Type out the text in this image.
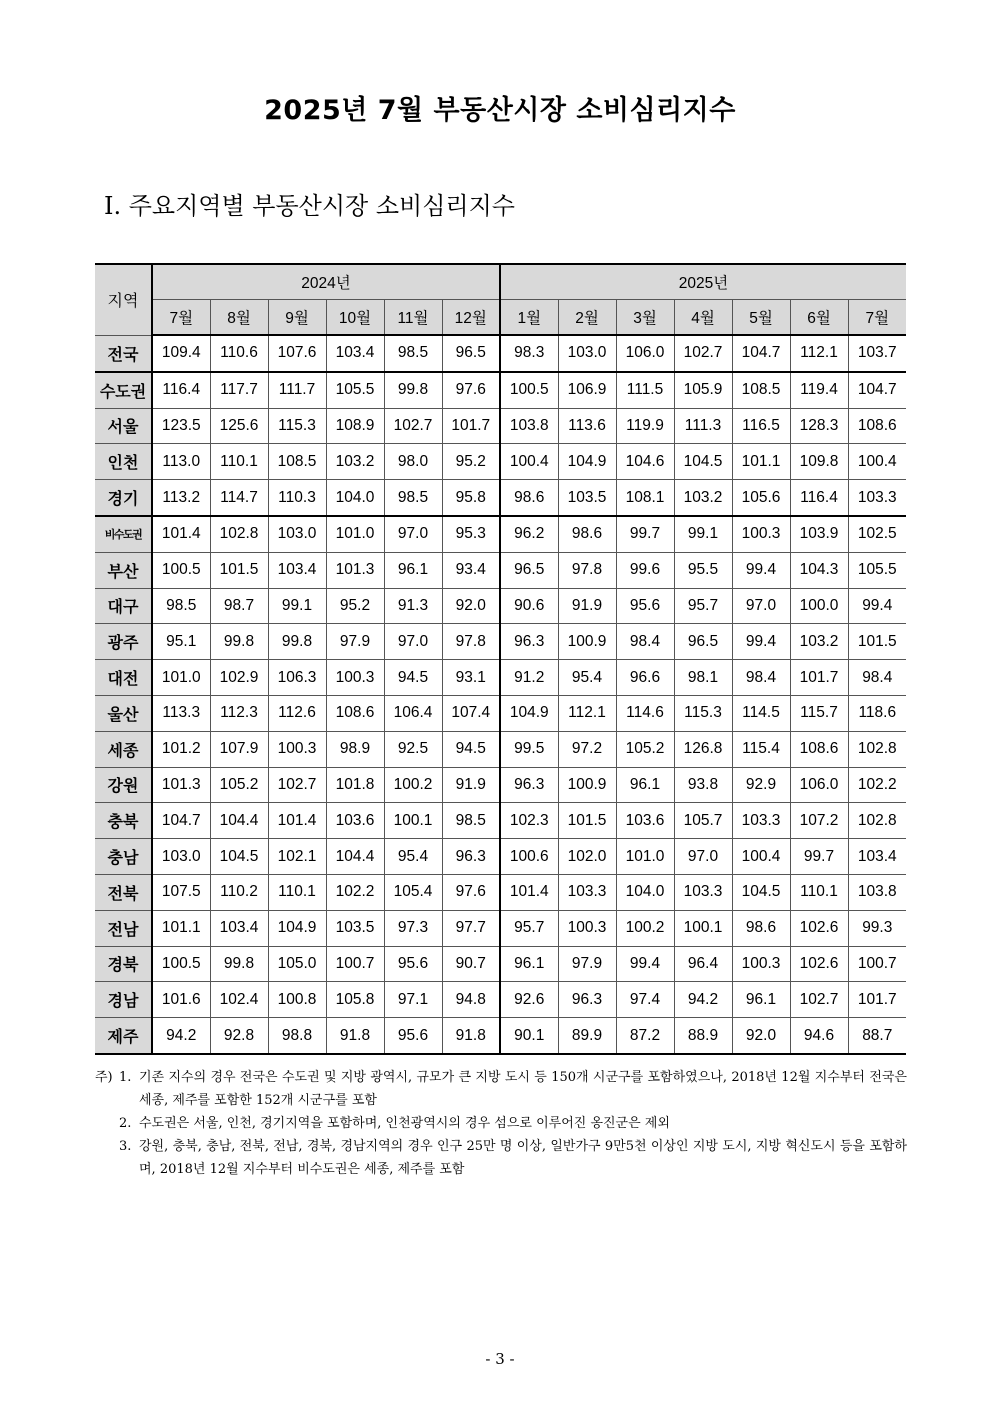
2025년 7월 부동산시장 소비심리지수
Ⅰ. 주요지역별 부동산시장 소비심리지수
지역	2024년						2025년						
	7월	8월	9월	10월	11월	12월	1월	2월	3월	4월	5월	6월	7월
전국	109.4	110.6	107.6	103.4	98.5	96.5	98.3	103.0	106.0	102.7	104.7	112.1	103.7
수도권	116.4	117.7	111.7	105.5	99.8	97.6	100.5	106.9	111.5	105.9	108.5	119.4	104.7
서울	123.5	125.6	115.3	108.9	102.7	101.7	103.8	113.6	119.9	111.3	116.5	128.3	108.6
인천	113.0	110.1	108.5	103.2	98.0	95.2	100.4	104.9	104.6	104.5	101.1	109.8	100.4
경기	113.2	114.7	110.3	104.0	98.5	95.8	98.6	103.5	108.1	103.2	105.6	116.4	103.3
비수도권	101.4	102.8	103.0	101.0	97.0	95.3	96.2	98.6	99.7	99.1	100.3	103.9	102.5
부산	100.5	101.5	103.4	101.3	96.1	93.4	96.5	97.8	99.6	95.5	99.4	104.3	105.5
대구	98.5	98.7	99.1	95.2	91.3	92.0	90.6	91.9	95.6	95.7	97.0	100.0	99.4
광주	95.1	99.8	99.8	97.9	97.0	97.8	96.3	100.9	98.4	96.5	99.4	103.2	101.5
대전	101.0	102.9	106.3	100.3	94.5	93.1	91.2	95.4	96.6	98.1	98.4	101.7	98.4
울산	113.3	112.3	112.6	108.6	106.4	107.4	104.9	112.1	114.6	115.3	114.5	115.7	118.6
세종	101.2	107.9	100.3	98.9	92.5	94.5	99.5	97.2	105.2	126.8	115.4	108.6	102.8
강원	101.3	105.2	102.7	101.8	100.2	91.9	96.3	100.9	96.1	93.8	92.9	106.0	102.2
충북	104.7	104.4	101.4	103.6	100.1	98.5	102.3	101.5	103.6	105.7	103.3	107.2	102.8
충남	103.0	104.5	102.1	104.4	95.4	96.3	100.6	102.0	101.0	97.0	100.4	99.7	103.4
전북	107.5	110.2	110.1	102.2	105.4	97.6	101.4	103.3	104.0	103.3	104.5	110.1	103.8
전남	101.1	103.4	104.9	103.5	97.3	97.7	95.7	100.3	100.2	100.1	98.6	102.6	99.3
경북	100.5	99.8	105.0	100.7	95.6	90.7	96.1	97.9	99.4	96.4	100.3	102.6	100.7
경남	101.6	102.4	100.8	105.8	97.1	94.8	92.6	96.3	97.4	94.2	96.1	102.7	101.7
제주	94.2	92.8	98.8	91.8	95.6	91.8	90.1	89.9	87.2	88.9	92.0	94.6	88.7
주) 1. 기존 지수의 경우 전국은 수도권 및 지방 광역시, 규모가 큰 지방 도시 등 150개 시군구를 포함하였으나, 2018년 12월 지수부터 전국은 세종, 제주를 포함한 152개 시군구를 포함
2. 수도권은 서울, 인천, 경기지역을 포함하며, 인천광역시의 경우 섬으로 이루어진 옹진군은 제외
3. 강원, 충북, 충남, 전북, 전남, 경북, 경남지역의 경우 인구 25만 명 이상, 일반가구 9만5천 이상인 지방 도시, 지방 혁신도시 등을 포함하며, 2018년 12월 지수부터 비수도권은 세종, 제주를 포함
- 3 -
